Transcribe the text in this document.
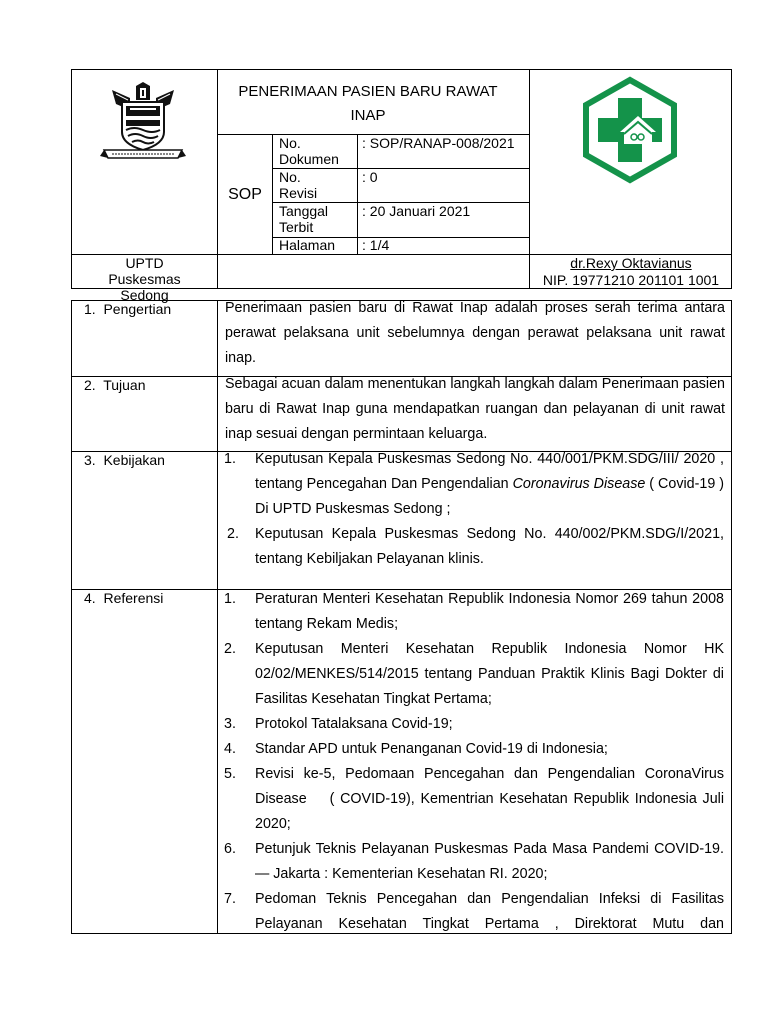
PENERIMAAN PASIEN BARU RAWAT INAP
SOP
No. Dokumen
: SOP/RANAP-008/2021
No. Revisi
: 0
Tanggal Terbit
: 20 Januari 2021
Halaman	: 1/4
UPTD Puskesmas Sedong
dr.Rexy Oktavianus
NIP. 19771210 201101 1001
1.  Pengertian	Penerimaan pasien baru di Rawat Inap adalah proses serah terima antara perawat pelaksana unit sebelumnya dengan perawat pelaksana unit rawat inap.
2.  Tujuan	Sebagai acuan dalam menentukan langkah langkah dalam Penerimaan pasien baru di Rawat Inap guna mendapatkan ruangan dan pelayanan di unit rawat inap sesuai dengan permintaan keluarga.
3.  Kebijakan	1.	Keputusan Kepala Puskesmas Sedong No. 440/001/PKM.SDG/III/ 2020 , tentang Pencegahan Dan Pengendalian Coronavirus Disease ( Covid-19 ) Di UPTD Puskesmas Sedong ;
2.	Keputusan Kepala Puskesmas Sedong No. 440/002/PKM.SDG/I/2021, tentang Kebiljakan Pelayanan klinis.
4.  Referensi	1.	Peraturan Menteri Kesehatan Republik Indonesia Nomor 269 tahun 2008 tentang Rekam Medis;
2.	Keputusan Menteri Kesehatan Republik Indonesia Nomor HK 02/02/MENKES/514/2015 tentang Panduan Praktik Klinis Bagi Dokter di Fasilitas Kesehatan Tingkat Pertama;
3.	Protokol Tatalaksana Covid-19;
4.	Standar APD untuk Penanganan Covid-19 di Indonesia;
5.	Revisi ke-5, Pedomaan Pencegahan dan Pengendalian CoronaVirus Disease    ( COVID-19), Kementrian Kesehatan Republik Indonesia Juli 2020;
6.	Petunjuk Teknis Pelayanan Puskesmas Pada Masa Pandemi COVID-19.— Jakarta : Kementerian Kesehatan RI. 2020;
7.	Pedoman Teknis Pencegahan dan Pengendalian Infeksi di Fasilitas Pelayanan Kesehatan Tingkat Pertama , Direktorat Mutu dan
